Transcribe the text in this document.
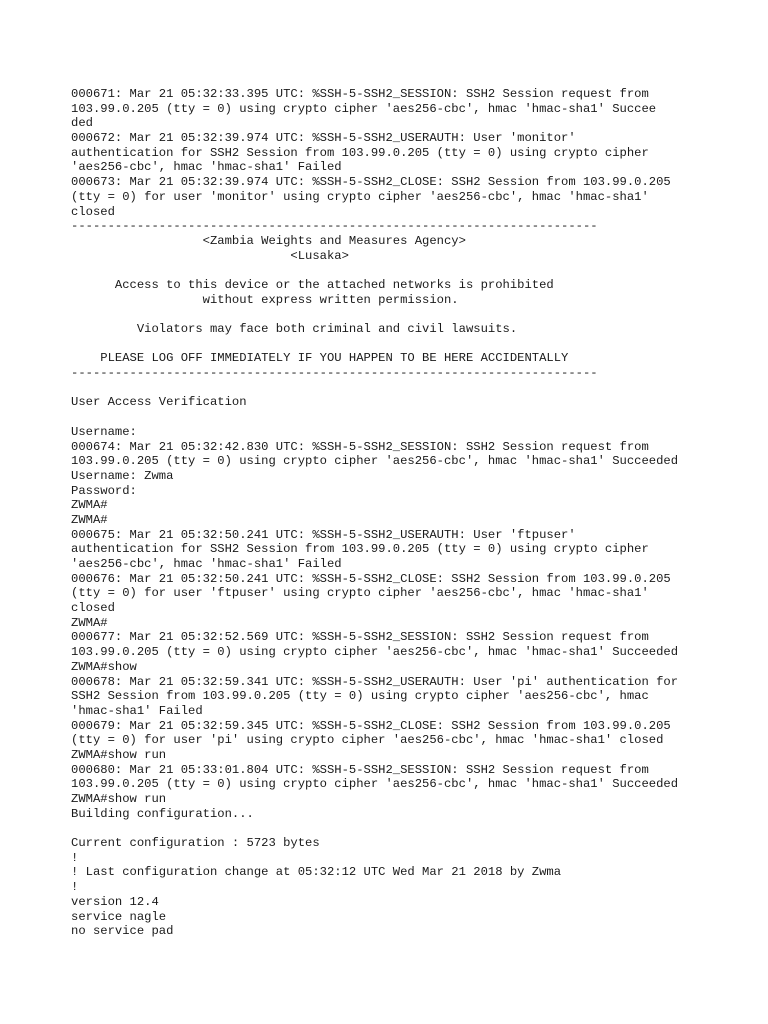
000671: Mar 21 05:32:33.395 UTC: %SSH-5-SSH2_SESSION: SSH2 Session request from
103.99.0.205 (tty = 0) using crypto cipher 'aes256-cbc', hmac 'hmac-sha1' Succee
ded
000672: Mar 21 05:32:39.974 UTC: %SSH-5-SSH2_USERAUTH: User 'monitor'
authentication for SSH2 Session from 103.99.0.205 (tty = 0) using crypto cipher
'aes256-cbc', hmac 'hmac-sha1' Failed
000673: Mar 21 05:32:39.974 UTC: %SSH-5-SSH2_CLOSE: SSH2 Session from 103.99.0.205
(tty = 0) for user 'monitor' using crypto cipher 'aes256-cbc', hmac 'hmac-sha1'
closed
------------------------------------------------------------------------
<Zambia Weights and Measures Agency>
<Lusaka>
Access to this device or the attached networks is prohibited
without express written permission.
Violators may face both criminal and civil lawsuits.
PLEASE LOG OFF IMMEDIATELY IF YOU HAPPEN TO BE HERE ACCIDENTALLY
------------------------------------------------------------------------
User Access Verification
Username:
000674: Mar 21 05:32:42.830 UTC: %SSH-5-SSH2_SESSION: SSH2 Session request from
103.99.0.205 (tty = 0) using crypto cipher 'aes256-cbc', hmac 'hmac-sha1' Succeeded
Username: Zwma
Password:
ZWMA#
ZWMA#
000675: Mar 21 05:32:50.241 UTC: %SSH-5-SSH2_USERAUTH: User 'ftpuser'
authentication for SSH2 Session from 103.99.0.205 (tty = 0) using crypto cipher
'aes256-cbc', hmac 'hmac-sha1' Failed
000676: Mar 21 05:32:50.241 UTC: %SSH-5-SSH2_CLOSE: SSH2 Session from 103.99.0.205
(tty = 0) for user 'ftpuser' using crypto cipher 'aes256-cbc', hmac 'hmac-sha1'
closed
ZWMA#
000677: Mar 21 05:32:52.569 UTC: %SSH-5-SSH2_SESSION: SSH2 Session request from
103.99.0.205 (tty = 0) using crypto cipher 'aes256-cbc', hmac 'hmac-sha1' Succeeded
ZWMA#show
000678: Mar 21 05:32:59.341 UTC: %SSH-5-SSH2_USERAUTH: User 'pi' authentication for
SSH2 Session from 103.99.0.205 (tty = 0) using crypto cipher 'aes256-cbc', hmac
'hmac-sha1' Failed
000679: Mar 21 05:32:59.345 UTC: %SSH-5-SSH2_CLOSE: SSH2 Session from 103.99.0.205
(tty = 0) for user 'pi' using crypto cipher 'aes256-cbc', hmac 'hmac-sha1' closed
ZWMA#show run
000680: Mar 21 05:33:01.804 UTC: %SSH-5-SSH2_SESSION: SSH2 Session request from
103.99.0.205 (tty = 0) using crypto cipher 'aes256-cbc', hmac 'hmac-sha1' Succeeded
ZWMA#show run
Building configuration...
Current configuration : 5723 bytes
!
! Last configuration change at 05:32:12 UTC Wed Mar 21 2018 by Zwma
!
version 12.4
service nagle
no service pad
